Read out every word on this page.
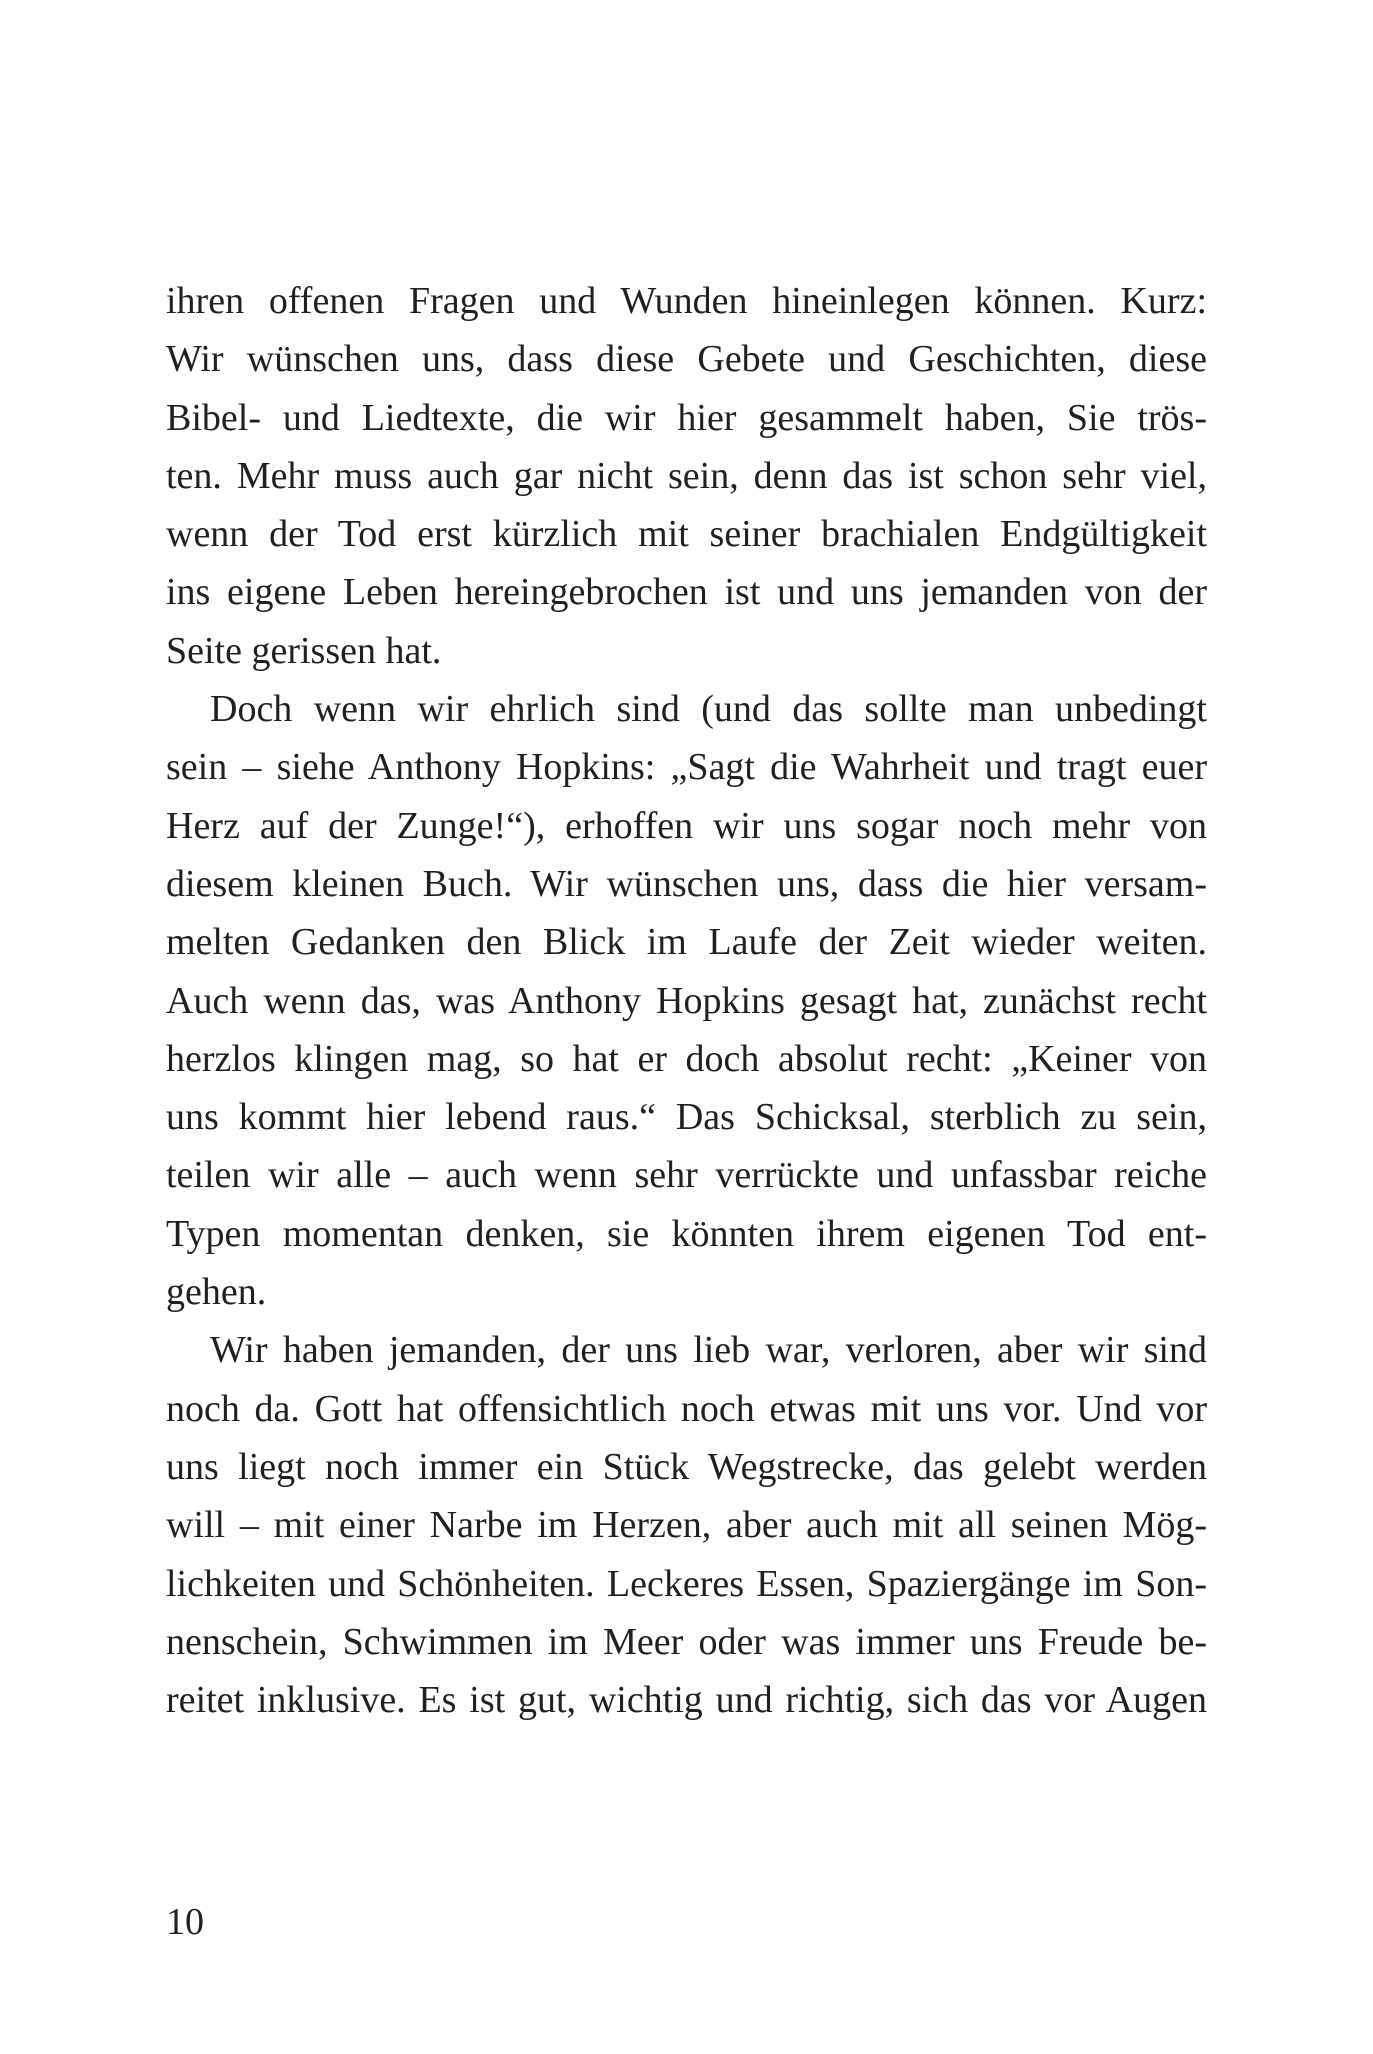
ihren offenen Fragen und Wunden hineinlegen können. Kurz:
Wir wünschen uns, dass diese Gebete und Geschichten, diese
Bibel- und Liedtexte, die wir hier gesammelt haben, Sie trös-
ten. Mehr muss auch gar nicht sein, denn das ist schon sehr viel,
wenn der Tod erst kürzlich mit seiner brachialen Endgültigkeit
ins eigene Leben hereingebrochen ist und uns jemanden von der
Seite gerissen hat.
Doch wenn wir ehrlich sind (und das sollte man unbedingt
sein – siehe Anthony Hopkins: „Sagt die Wahrheit und tragt euer
Herz auf der Zunge!“), erhoffen wir uns sogar noch mehr von
diesem kleinen Buch. Wir wünschen uns, dass die hier versam-
melten Gedanken den Blick im Laufe der Zeit wieder weiten.
Auch wenn das, was Anthony Hopkins gesagt hat, zunächst recht
herzlos klingen mag, so hat er doch absolut recht: „Keiner von
uns kommt hier lebend raus.“ Das Schicksal, sterblich zu sein,
teilen wir alle – auch wenn sehr verrückte und unfassbar reiche
Typen momentan denken, sie könnten ihrem eigenen Tod ent-
gehen.
Wir haben jemanden, der uns lieb war, verloren, aber wir sind
noch da. Gott hat offensichtlich noch etwas mit uns vor. Und vor
uns liegt noch immer ein Stück Wegstrecke, das gelebt werden
will – mit einer Narbe im Herzen, aber auch mit all seinen Mög-
lichkeiten und Schönheiten. Leckeres Essen, Spaziergänge im Son-
nenschein, Schwimmen im Meer oder was immer uns Freude be-
reitet inklusive. Es ist gut, wichtig und richtig, sich das vor Augen
10
